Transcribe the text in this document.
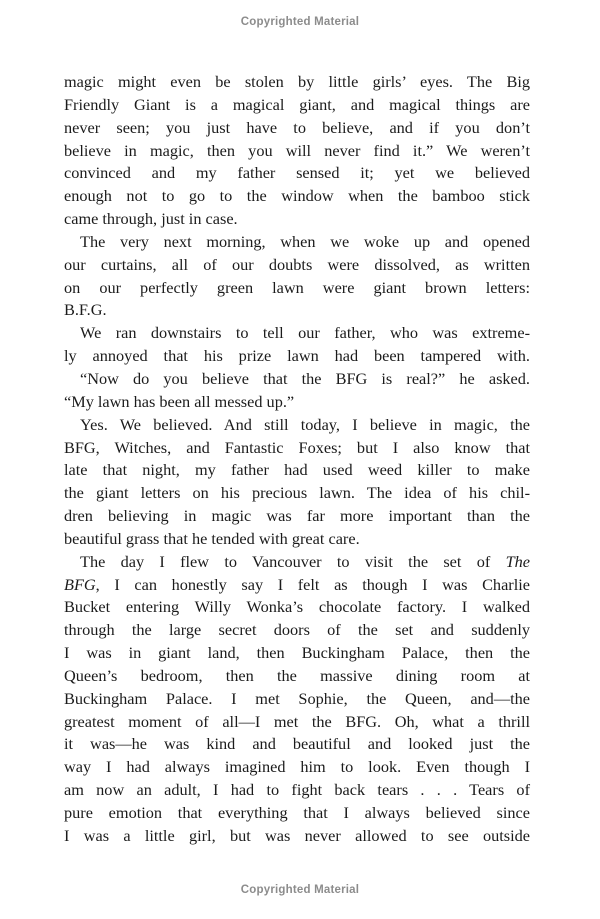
Copyrighted Material
magic might even be stolen by little girls’ eyes. The Big
Friendly Giant is a magical giant, and magical things are
never seen; you just have to believe, and if you don’t
believe in magic, then you will never find it.” We weren’t
convinced and my father sensed it; yet we believed
enough not to go to the window when the bamboo stick
came through, just in case.
The very next morning, when we woke up and opened
our curtains, all of our doubts were dissolved, as written
on our perfectly green lawn were giant brown letters:
B.F.G.
We ran downstairs to tell our father, who was extreme-
ly annoyed that his prize lawn had been tampered with.
“Now do you believe that the BFG is real?” he asked.
“My lawn has been all messed up.”
Yes. We believed. And still today, I believe in magic, the
BFG, Witches, and Fantastic Foxes; but I also know that
late that night, my father had used weed killer to make
the giant letters on his precious lawn. The idea of his chil-
dren believing in magic was far more important than the
beautiful grass that he tended with great care.
The day I flew to Vancouver to visit the set of The
BFG, I can honestly say I felt as though I was Charlie
Bucket entering Willy Wonka’s chocolate factory. I walked
through the large secret doors of the set and suddenly
I was in giant land, then Buckingham Palace, then the
Queen’s bedroom, then the massive dining room at
Buckingham Palace. I met Sophie, the Queen, and—the
greatest moment of all—I met the BFG. Oh, what a thrill
it was—he was kind and beautiful and looked just the
way I had always imagined him to look. Even though I
am now an adult, I had to fight back tears . . . Tears of
pure emotion that everything that I always believed since
I was a little girl, but was never allowed to see outside
Copyrighted Material
